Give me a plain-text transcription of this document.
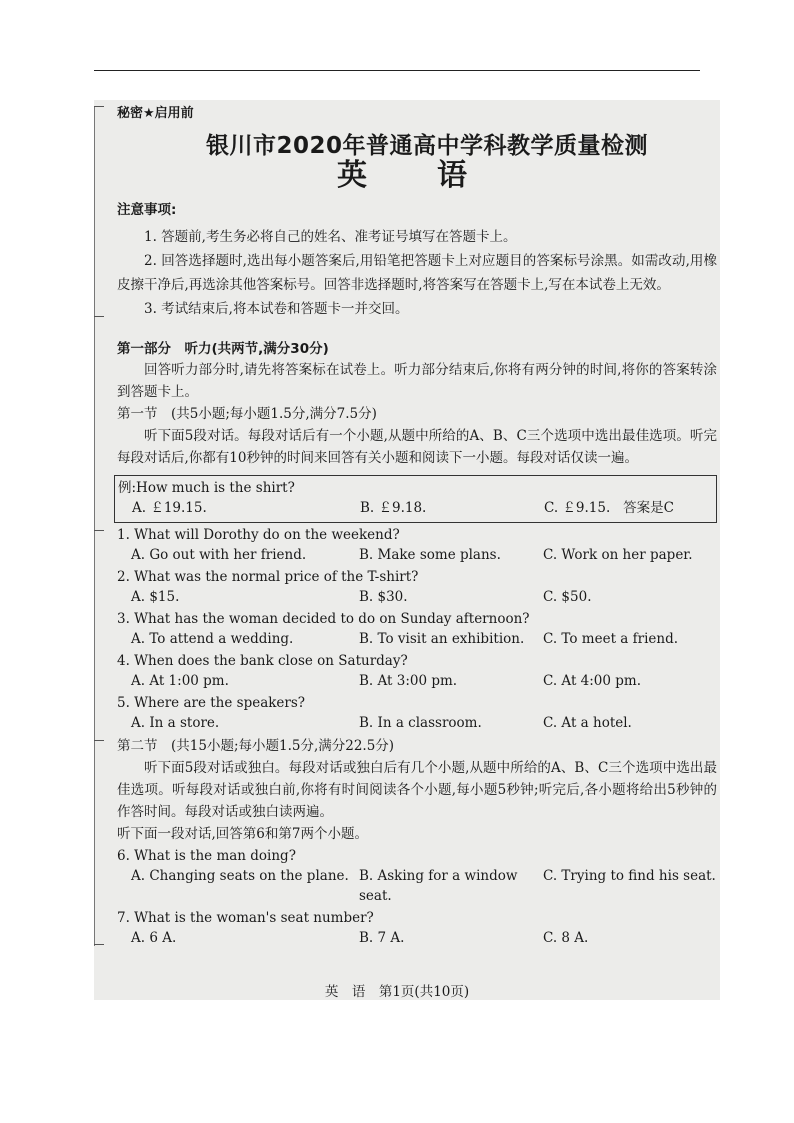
秘密★启用前
银川市2020年普通高中学科教学质量检测
英语
注意事项:

1. 答题前,考生务必将自己的姓名、准考证号填写在答题卡上。

2. 回答选择题时,选出每小题答案后,用铅笔把答题卡上对应题目的答案标号涂黑。如需改动,用橡皮擦干净后,再选涂其他答案标号。回答非选择题时,将答案写在答题卡上,写在本试卷上无效。

3. 考试结束后,将本试卷和答题卡一并交回。

第一部分　听力(共两节,满分30分)

回答听力部分时,请先将答案标在试卷上。听力部分结束后,你将有两分钟的时间,将你的答案转涂到答题卡上。

第一节　(共5小题;每小题1.5分,满分7.5分)

听下面5段对话。每段对话后有一个小题,从题中所给的A、B、C三个选项中选出最佳选项。听完每段对话后,你都有10秒钟的时间来回答有关小题和阅读下一小题。每段对话仅读一遍。

例:How much is the shirt?
A. ￡19.15.	B. ￡9.18.	C. ￡9.15. 答案是C
1. What will Dorothy do on the weekend?
A. Go out with her friend.	B. Make some plans.	C. Work on her paper.
2. What was the normal price of the T-shirt?
A. $15.	B. $30.	C. $50.
3. What has the woman decided to do on Sunday afternoon?
A. To attend a wedding.	B. To visit an exhibition.	C. To meet a friend.
4. When does the bank close on Saturday?
A. At 1:00 pm.	B. At 3:00 pm.	C. At 4:00 pm.
5. Where are the speakers?
A. In a store.	B. In a classroom.	C. At a hotel.

第二节　(共15小题;每小题1.5分,满分22.5分)

听下面5段对话或独白。每段对话或独白后有几个小题,从题中所给的A、B、C三个选项中选出最佳选项。听每段对话或独白前,你将有时间阅读各个小题,每小题5秒钟;听完后,各小题将给出5秒钟的作答时间。每段对话或独白读两遍。

听下面一段对话,回答第6和第7两个小题。

6. What is the man doing?
A. Changing seats on the plane. B. Asking for a window seat.
C. Trying to find his seat.
7. What is the woman's seat number?
A. 6 A.	B. 7 A.	C. 8 A.
英　语　第1页(共10页)
